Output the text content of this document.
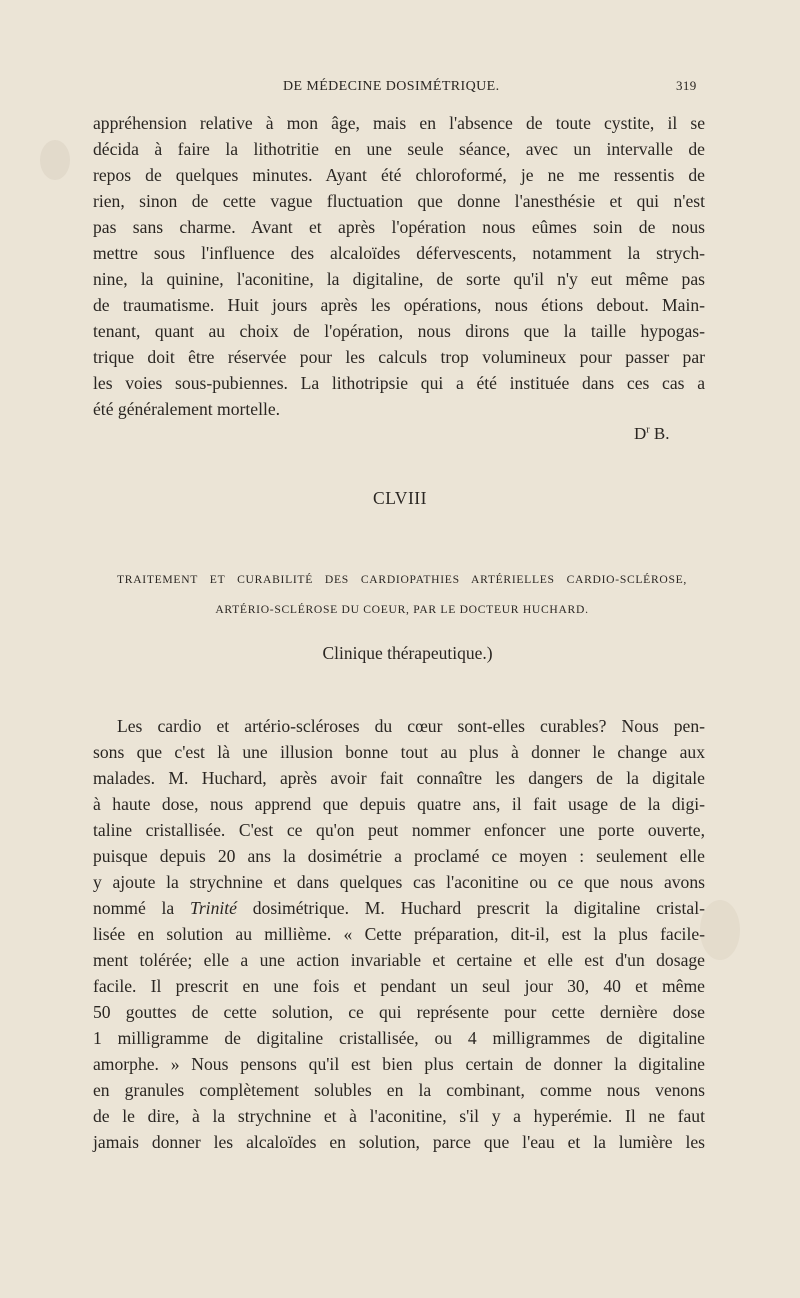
DE MÉDECINE DOSIMÉTRIQUE.	319
appréhension relative à mon âge, mais en l'absence de toute cystite, il se
décida à faire la lithotritie en une seule séance, avec un intervalle de
repos de quelques minutes. Ayant été chloroformé, je ne me ressentis de
rien, sinon de cette vague fluctuation que donne l'anesthésie et qui n'est
pas sans charme. Avant et après l'opération nous eûmes soin de nous
mettre sous l'influence des alcaloïdes défervescents, notamment la strych-
nine, la quinine, l'aconitine, la digitaline, de sorte qu'il n'y eut même pas
de traumatisme. Huit jours après les opérations, nous étions debout. Main-
tenant, quant au choix de l'opération, nous dirons que la taille hypogas-
trique doit être réservée pour les calculs trop volumineux pour passer par
les voies sous-pubiennes. La lithotripsie qui a été instituée dans ces cas a
été généralement mortelle.
$D^r$ B.
CLVIII
TRAITEMENT ET CURABILITÉ DES CARDIOPATHIES ARTÉRIELLES CARDIO-SCLÉROSE,
ARTÉRIO-SCLÉROSE DU COEUR, PAR LE DOCTEUR HUCHARD.
Clinique thérapeutique.)
Les cardio et artério-scléroses du cœur sont-elles curables? Nous pen-
sons que c'est là une illusion bonne tout au plus à donner le change aux
malades. M. Huchard, après avoir fait connaître les dangers de la digitale
à haute dose, nous apprend que depuis quatre ans, il fait usage de la digi-
taline cristallisée. C'est ce qu'on peut nommer enfoncer une porte ouverte,
puisque depuis 20 ans la dosimétrie a proclamé ce moyen : seulement elle
y ajoute la strychnine et dans quelques cas l'aconitine ou ce que nous avons
nommé la Trinité dosimétrique. M. Huchard prescrit la digitaline cristal-
lisée en solution au millième. « Cette préparation, dit-il, est la plus facile-
ment tolérée; elle a une action invariable et certaine et elle est d'un dosage
facile. Il prescrit en une fois et pendant un seul jour 30, 40 et même
50 gouttes de cette solution, ce qui représente pour cette dernière dose
1 milligramme de digitaline cristallisée, ou 4 milligrammes de digitaline
amorphe. » Nous pensons qu'il est bien plus certain de donner la digitaline
en granules complètement solubles en la combinant, comme nous venons
de le dire, à la strychnine et à l'aconitine, s'il y a hyperémie. Il ne faut
jamais donner les alcaloïdes en solution, parce que l'eau et la lumière les
